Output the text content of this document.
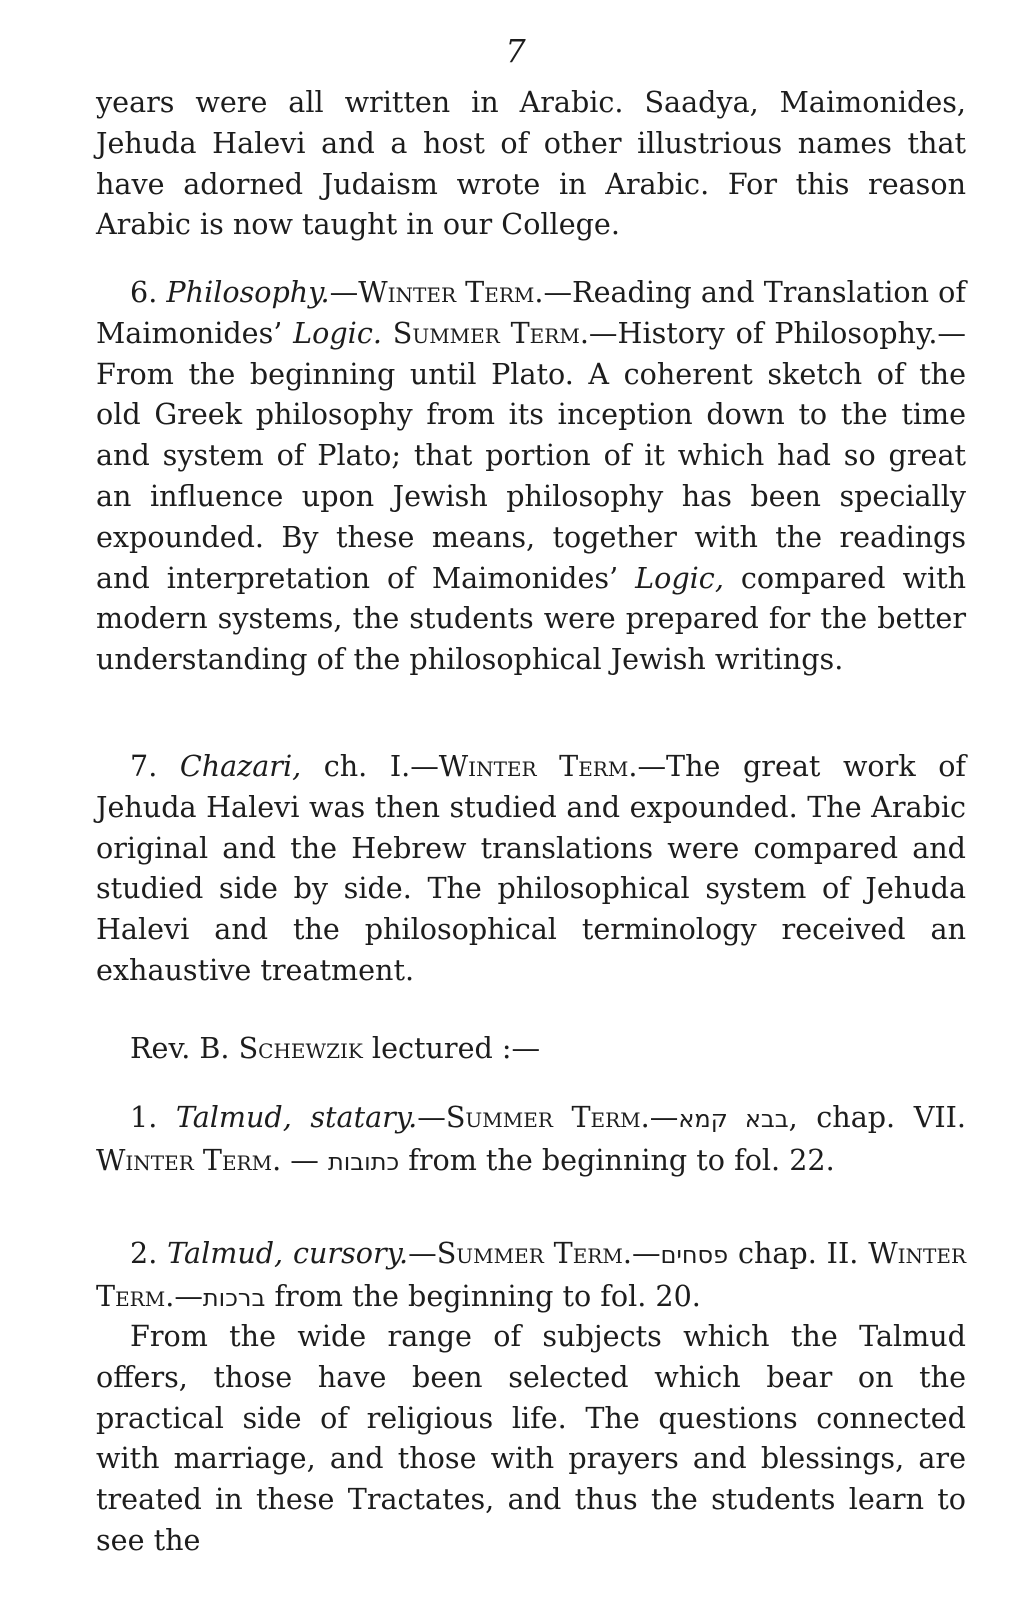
7

years were all written in Arabic. Saadya, Maimonides, Jehuda Halevi and a host of other illustrious names that have adorned Judaism wrote in Arabic. For this reason Arabic is now taught in our College.

6. Philosophy.—Winter Term.—Reading and Translation of Maimonides’ Logic. Summer Term.—History of Philosophy.—From the beginning until Plato. A coherent sketch of the old Greek philosophy from its inception down to the time and system of Plato; that portion of it which had so great an influence upon Jewish philosophy has been specially expounded. By these means, together with the readings and interpretation of Maimonides’ Logic, compared with modern systems, the students were prepared for the better understanding of the philosophical Jewish writings.

7. Chazari, ch. I.—Winter Term.—The great work of Jehuda Halevi was then studied and expounded. The Arabic original and the Hebrew translations were compared and studied side by side. The philosophical system of Jehuda Halevi and the philosophical terminology received an exhaustive treatment.

Rev. B. Schewzik lectured :—

1. Talmud, statary.—Summer Term.—בבא קמא, chap. VII. Winter Term. — כתובות from the beginning to fol. 22.

2. Talmud, cursory.—Summer Term.—פסחים chap. II. Winter Term.—ברכות from the beginning to fol. 20.

From the wide range of subjects which the Talmud offers, those have been selected which bear on the practical side of religious life. The questions connected with marriage, and those with prayers and blessings, are treated in these Tractates, and thus the students learn to see the
